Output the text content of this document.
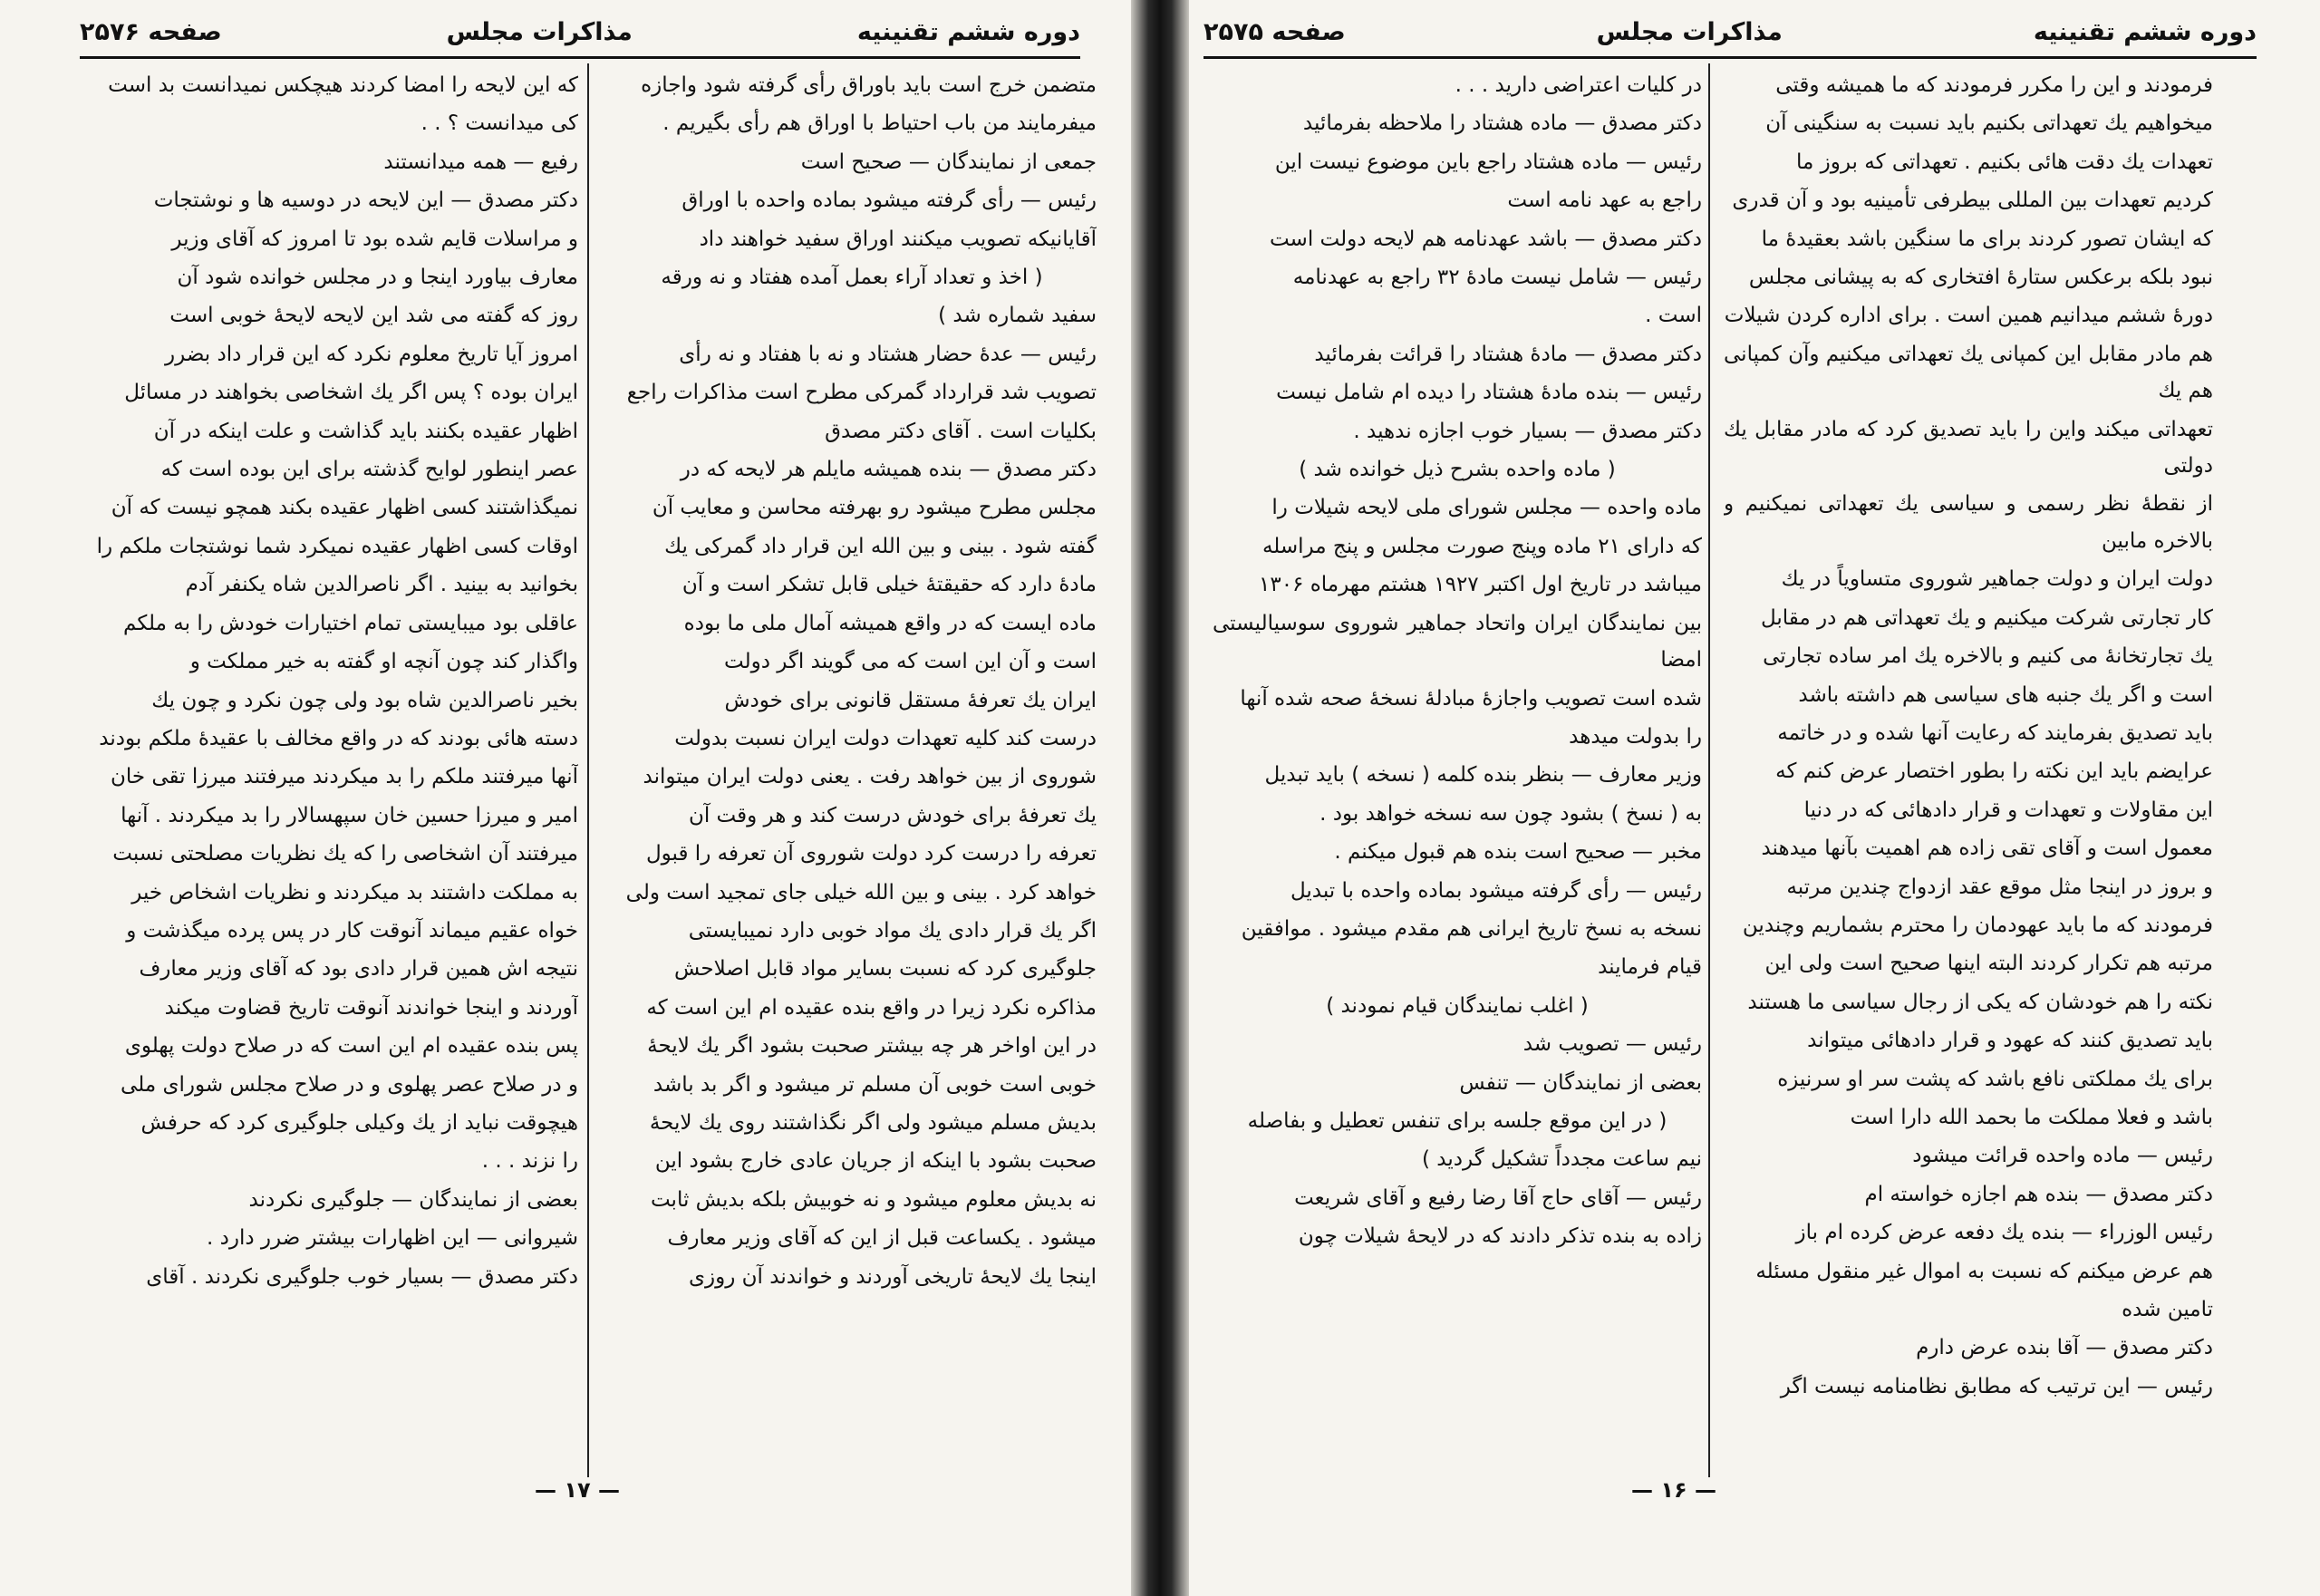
دوره ششم تقنینیه
مذاکرات مجلس
صفحه ۲۵۷۶	دوره ششم تقنینیه
مذاکرات مجلس
صفحه ۲۵۷۵

که این لایحه را امضا کردند هیچکس نمیدانست بد است

کی میدانست ؟ . .

رفیع — همه میدانستند

دکتر مصدق — این لایحه در دوسیه ها و نوشتجات

و مراسلات قایم شده بود تا امروز که آقای وزیر

معارف بیاورد اینجا و در مجلس خوانده شود آن

روز که گفته می شد این لایحه لایحهٔ خوبی است

امروز آیا تاریخ معلوم نکرد که این قرار داد بضرر

ایران بوده ؟ پس اگر یك اشخاصی بخواهند در مسائل

اظهار عقیده بکنند باید گذاشت و علت اینکه در آن

عصر اینطور لوایح گذشته برای این بوده است که

نمیگذاشتند کسی اظهار عقیده بکند همچو نیست که آن

اوقات کسی اظهار عقیده نمیکرد شما نوشتجات ملکم را

بخوانید به بینید . اگر ناصرالدین شاه یکنفر آدم

عاقلی بود میبایستی تمام اختیارات خودش را به ملکم

واگذار کند چون آنچه او گفته به خیر مملکت و

بخیر ناصرالدین شاه بود ولی چون نکرد و چون یك

دسته هائی بودند که در واقع مخالف با عقیدهٔ ملکم بودند

آنها میرفتند ملکم را بد میکردند میرفتند میرزا تقی خان

امیر و میرزا حسین خان سپهسالار را بد میکردند . آنها

میرفتند آن اشخاصی را که یك نظریات مصلحتی نسبت

به مملکت داشتند بد میکردند و نظریات اشخاص خیر

خواه عقیم میماند آنوقت کار در پس پرده میگذشت و

نتیجه اش همین قرار دادی بود که آقای وزیر معارف

آوردند و اینجا خواندند آنوقت تاریخ قضاوت میکند

پس بنده عقیده ام این است که در صلاح دولت پهلوی

و در صلاح عصر پهلوی و در صلاح مجلس شورای ملی

هیچوقت نباید از یك وکیلی جلوگیری کرد که حرفش

را نزند . . .

بعضی از نمایندگان — جلوگیری نکردند

شیروانی — این اظهارات بیشتر ضرر دارد .

دکتر مصدق — بسیار خوب جلوگیری نکردند . آقای

متضمن خرج است باید باوراق رأی گرفته شود واجازه

میفرمایند من باب احتیاط با اوراق هم رأی بگیریم .

جمعی از نمایندگان — صحیح است

رئیس — رأی گرفته میشود بماده واحده با اوراق

آقایانیکه تصویب میکنند اوراق سفید خواهند داد

( اخذ و تعداد آراء بعمل آمده هفتاد و نه ورقه

سفید شماره شد )

رئیس — عدهٔ حضار هشتاد و نه با هفتاد و نه رأی

تصویب شد قرارداد گمرکی مطرح است مذاکرات راجع

بکلیات است . آقای دکتر مصدق

دکتر مصدق — بنده همیشه مایلم هر لایحه که در

مجلس مطرح میشود رو بهرفته محاسن و معایب آن

گفته شود . بینی و بین الله این قرار داد گمرکی یك

مادهٔ دارد که حقیقتهٔ خیلی قابل تشکر است و آن

ماده ایست که در واقع همیشه آمال ملی ما بوده

است و آن این است که می گویند اگر دولت

ایران یك تعرفهٔ مستقل قانونی برای خودش

درست کند کلیه تعهدات دولت ایران نسبت بدولت

شوروی از بین خواهد رفت . یعنی دولت ایران میتواند

یك تعرفهٔ برای خودش درست کند و هر وقت آن

تعرفه را درست کرد دولت شوروی آن تعرفه را قبول

خواهد کرد . بینی و بین الله خیلی جای تمجید است ولی

اگر یك قرار دادی یك مواد خوبی دارد نمیبایستی

جلوگیری کرد که نسبت بسایر مواد قابل اصلاحش

مذاکره نکرد زیرا در واقع بنده عقیده ام این است که

در این اواخر هر چه بیشتر صحبت بشود اگر یك لایحهٔ

خوبی است خوبی آن مسلم تر میشود و اگر بد باشد

بدیش مسلم میشود ولی اگر نگذاشتند روی یك لایحهٔ

صحبت بشود با اینکه از جریان عادی خارج بشود این

نه بدیش معلوم میشود و نه خوبیش بلکه بدیش ثابت

میشود . یکساعت قبل از این که آقای وزیر معارف

اینجا یك لایحهٔ تاریخی آوردند و خواندند آن روزی

در کلیات اعتراضی دارید . . .

دکتر مصدق — ماده هشتاد را ملاحظه بفرمائید

رئیس — ماده هشتاد راجع باین موضوع نیست این

راجع به عهد نامه است

دکتر مصدق — باشد عهدنامه هم لایحه دولت است

رئیس — شامل نیست مادهٔ ۳۲ راجع به عهدنامه

است .

دکتر مصدق — مادهٔ هشتاد را قرائت بفرمائید

رئیس — بنده مادهٔ هشتاد را دیده ام شامل نیست

دکتر مصدق — بسیار خوب اجازه ندهید .

( ماده واحده بشرح ذیل خوانده شد )

ماده واحده — مجلس شورای ملی لایحه شیلات را

که دارای ۲۱ ماده وپنج صورت مجلس و پنج مراسله

میباشد در تاریخ اول اکتبر ۱۹۲۷ هشتم مهرماه ۱۳۰۶

بین نمایندگان ایران واتحاد جماهیر شوروی سوسیالیستی امضا

شده است تصویب واجازهٔ مبادلهٔ نسخهٔ صحه شده آنها

را بدولت میدهد

وزیر معارف — بنظر بنده کلمه ( نسخه ) باید تبدیل

به ( نسخ ) بشود چون سه نسخه خواهد بود .

مخبر — صحیح است بنده هم قبول میکنم .

رئیس — رأی گرفته میشود بماده واحده با تبدیل

نسخه به نسخ تاریخ ایرانی هم مقدم میشود . موافقین

قیام فرمایند

( اغلب نمایندگان قیام نمودند )

رئیس — تصویب شد

بعضی از نمایندگان — تنفس

( در این موقع جلسه برای تنفس تعطیل و بفاصله

نیم ساعت مجدداً تشکیل گردید )

رئیس — آقای حاج آقا رضا رفیع و آقای شریعت

زاده به بنده تذکر دادند که در لایحهٔ شیلات چون

فرمودند و این را مکرر فرمودند که ما همیشه وقتی

میخواهیم یك تعهداتی بکنیم باید نسبت به سنگینی آن

تعهدات یك دقت هائی بکنیم . تعهداتی که بروز ما

کردیم تعهدات بین المللی بیطرفی تأمینیه بود و آن قدری

که ایشان تصور کردند برای ما سنگین باشد بعقیدهٔ ما

نبود بلکه برعکس ستارهٔ افتخاری که به پیشانی مجلس

دورهٔ ششم میدانیم همین است . برای اداره کردن شیلات

هم مادر مقابل این کمپانی یك تعهداتی میکنیم وآن کمپانی هم یك

تعهداتی میکند واین را باید تصدیق کرد که مادر مقابل یك دولتی

از نقطهٔ نظر رسمی و سیاسی یك تعهداتی نمیکنیم و بالاخره مابین

دولت ایران و دولت جماهیر شوروی متساویاً در یك

کار تجارتی شرکت میکنیم و یك تعهداتی هم در مقابل

یك تجارتخانهٔ می کنیم و بالاخره یك امر ساده تجارتی

است و اگر یك جنبه های سیاسی هم داشته باشد

باید تصدیق بفرمایند که رعایت آنها شده و در خاتمه

عرایضم باید این نکته را بطور اختصار عرض کنم که

این مقاولات و تعهدات و قرار دادهائی که در دنیا

معمول است و آقای تقی زاده هم اهمیت بآنها میدهند

و بروز در اینجا مثل موقع عقد ازدواج چندین مرتبه

فرمودند که ما باید عهودمان را محترم بشماریم وچندین

مرتبه هم تکرار کردند البته اینها صحیح است ولی این

نکته را هم خودشان که یکی از رجال سیاسی ما هستند

باید تصدیق کنند که عهود و قرار دادهائی میتواند

برای یك مملکتی نافع باشد که پشت سر او سرنیزه

باشد و فعلا مملکت ما بحمد الله دارا است

رئیس — ماده واحده قرائت میشود

دکتر مصدق — بنده هم اجازه خواسته ام

رئیس الوزراء — بنده یك دفعه عرض کرده ام باز

هم عرض میکنم که نسبت به اموال غیر منقول مسئله

تامین شده

دکتر مصدق — آقا بنده عرض دارم

رئیس — این ترتیب که مطابق نظامنامه نیست اگر

— ۱۷ —	— ۱۶ —
